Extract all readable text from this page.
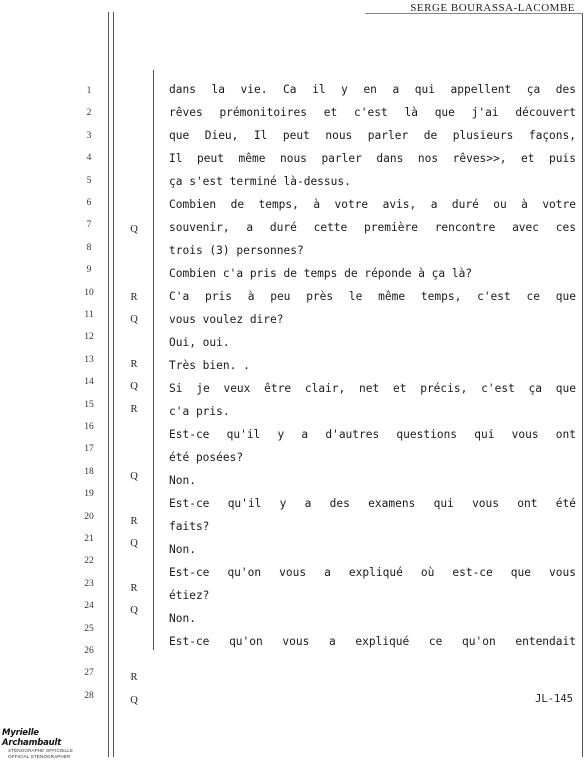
SERGE BOURASSA-LACOMBE
1
2
3
4
5
6
7
8
9
10
11
12
13
14
15
16
17
18
19
20
21
22
23
24
25
26
27
28
Q
R
Q
R
Q
R
Q
R
Q
R
Q
R
Q
dans la vie. Ca il y en a qui appellent ça des
rêves prémonitoires et c'est là que j'ai découvert
que Dieu, Il peut nous parler de plusieurs façons,
Il peut même nous parler dans nos rêves>>, et puis
ça s'est terminé là-dessus.
Combien de temps, à votre avis, a duré ou à votre
souvenir, a duré cette première rencontre avec ces
trois (3) personnes?
Combien c'a pris de temps de réponde à ça là?
C'a pris à peu près le même temps, c'est ce que
vous voulez dire?
Oui, oui.
Très bien. .
Si je veux être clair, net et précis, c'est ça que
c'a pris.
Est-ce qu'il y a d'autres questions qui vous ont
été posées?
Non.
Est-ce qu'il y a des examens qui vous ont été
faits?
Non.
Est-ce qu'on vous a expliqué où est-ce que vous
étiez?
Non.
Est-ce qu'on vous a expliqué ce qu'on entendait
JL-145
Myrielle Archambault
STÉNOGRAPHE OFFICIELLE
OFFICIAL STENOGRAPHER
